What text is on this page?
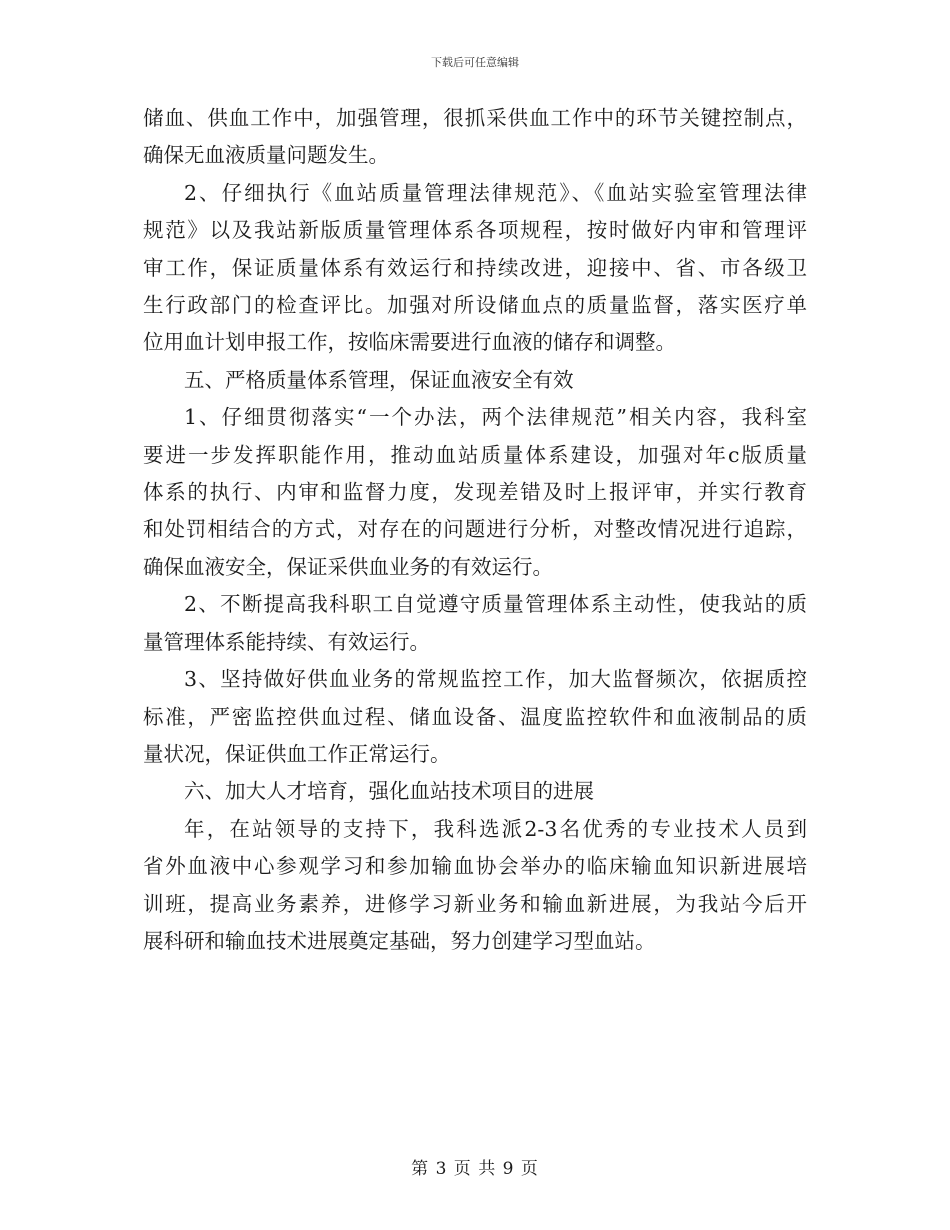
下载后可任意编辑

储血、供血工作中，加强管理，很抓采供血工作中的环节关键控制点，
确保无血液质量问题发生。

2、仔细执行《血站质量管理法律规范》、《血站实验室管理法律
规范》以及我站新版质量管理体系各项规程，按时做好内审和管理评
审工作，保证质量体系有效运行和持续改进，迎接中、省、市各级卫
生行政部门的检查评比。加强对所设储血点的质量监督，落实医疗单
位用血计划申报工作，按临床需要进行血液的储存和调整。

五、严格质量体系管理，保证血液安全有效

1、仔细贯彻落实“一个办法，两个法律规范”相关内容，我科室
要进一步发挥职能作用，推动血站质量体系建设，加强对年c版质量
体系的执行、内审和监督力度，发现差错及时上报评审，并实行教育
和处罚相结合的方式，对存在的问题进行分析，对整改情况进行追踪，
确保血液安全，保证采供血业务的有效运行。

2、不断提高我科职工自觉遵守质量管理体系主动性，使我站的质
量管理体系能持续、有效运行。

3、坚持做好供血业务的常规监控工作，加大监督频次，依据质控
标准，严密监控供血过程、储血设备、温度监控软件和血液制品的质
量状况，保证供血工作正常运行。

六、加大人才培育，强化血站技术项目的进展

年，在站领导的支持下，我科选派2-3名优秀的专业技术人员到
省外血液中心参观学习和参加输血协会举办的临床输血知识新进展培
训班，提高业务素养，进修学习新业务和输血新进展，为我站今后开
展科研和输血技术进展奠定基础，努力创建学习型血站。

第 3 页 共 9 页
